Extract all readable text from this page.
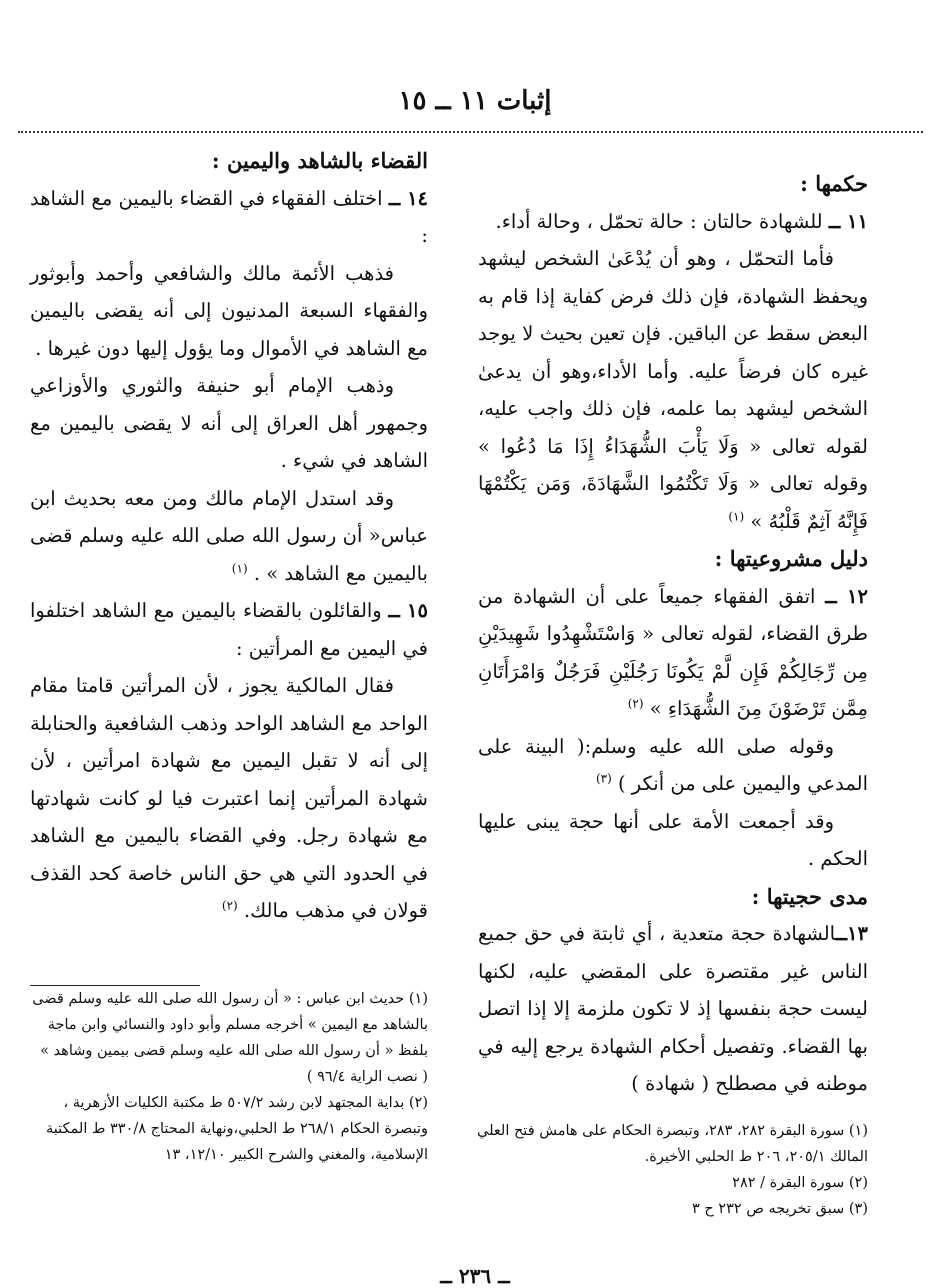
إثبات ١١ ــ ١٥

حكمها :

١١ ــ للشهادة حالتان : حالة تحمّل ، وحالة أداء.

فأما التحمّل ، وهو أن يُدْعَىٰ الشخص ليشهد ويحفظ الشهادة، فإن ذلك فرض كفاية إذا قام به البعض سقط عن الباقين. فإن تعين بحيث لا يوجد غيره كان فرضاً عليه. وأما الأداء،وهو أن يدعىٰ الشخص ليشهد بما علمه، فإن ذلك واجب عليه، لقوله تعالى « وَلَا يَأْبَ الشُّهَدَاءُ إِذَا مَا دُعُوا » وقوله تعالى « وَلَا تَكْتُمُوا الشَّهَادَةَ، وَمَن يَكْتُمْهَا فَإِنَّهُ آثِمٌ قَلْبُهُ » $^{(١)}$

دليل مشروعيتها :

١٢ ــ اتفق الفقهاء جميعاً على أن الشهادة من طرق القضاء، لقوله تعالى « وَاسْتَشْهِدُوا شَهِيدَيْنِ مِن رِّجَالِكُمْ فَإِن لَّمْ يَكُونَا رَجُلَيْنِ فَرَجُلٌ وَامْرَأَتَانِ مِمَّن تَرْضَوْنَ مِنَ الشُّهَدَاءِ » $^{(٢)}$

وقوله صلى الله عليه وسلم:( البينة على المدعي واليمين على من أنكر ) $^{(٣)}$

وقد أجمعت الأمة على أنها حجة يبنى عليها الحكم .

مدى حجيتها :

١٣ــالشهادة حجة متعدية ، أي ثابتة في حق جميع الناس غير مقتصرة على المقضي عليه، لكنها ليست حجة بنفسها إذ لا تكون ملزمة إلا إذا اتصل بها القضاء. وتفصيل أحكام الشهادة يرجع إليه في موطنه في مصطلح ( شهادة )

القضاء بالشاهد واليمين :

١٤ ــ اختلف الفقهاء في القضاء باليمين مع الشاهد :

فذهب الأئمة مالك والشافعي وأحمد وأبوثور والفقهاء السبعة المدنيون إلى أنه يقضى باليمين مع الشاهد في الأموال وما يؤول إليها دون غيرها .

وذهب الإمام أبو حنيفة والثوري والأوزاعي وجمهور أهل العراق إلى أنه لا يقضى باليمين مع الشاهد في شيء .

وقد استدل الإمام مالك ومن معه بحديث ابن عباس« أن رسول الله صلى الله عليه وسلم قضى باليمين مع الشاهد » . $^{(١)}$

١٥ ــ والقائلون بالقضاء باليمين مع الشاهد اختلفوا في اليمين مع المرأتين :

فقال المالكية يجوز ، لأن المرأتين قامتا مقام الواحد مع الشاهد الواحد وذهب الشافعية والحنابلة إلى أنه لا تقبل اليمين مع شهادة امرأتين ، لأن شهادة المرأتين إنما اعتبرت فيا لو كانت شهادتها مع شهادة رجل. وفي القضاء باليمين مع الشاهد في الحدود التي هي حق الناس خاصة كحد القذف قولان في مذهب مالك. $^{(٢)}$

(١) حديث ابن عباس : « أن رسول الله صلى الله عليه وسلم قضى بالشاهد مع اليمين » أخرجه مسلم وأبو داود والنسائي وابن ماجة بلفظ « أن رسول الله صلى الله عليه وسلم قضى بيمين وشاهد » ( نصب الراية ٩٦/٤ )

(٢) بداية المجتهد لابن رشد ٥٠٧/٢ ط مكتبة الكليات الأزهرية ، وتبصرة الحكام ٢٦٨/١ ط الحلبي،ونهاية المحتاج ٣٣٠/٨ ط المكتبة الإسلامية، والمغني والشرح الكبير ١٢/١٠، ١٣

(١) سورة البقرة ٢٨٢، ٢٨٣، وتبصرة الحكام على هامش فتح العلي المالك ٢٠٥/١، ٢٠٦ ط الحلبي الأخيرة.

(٢) سورة البقرة / ٢٨٢

(٣) سبق تخريجه ص ٢٣٢ ح ٣

ــ ٢٣٦ ــ
